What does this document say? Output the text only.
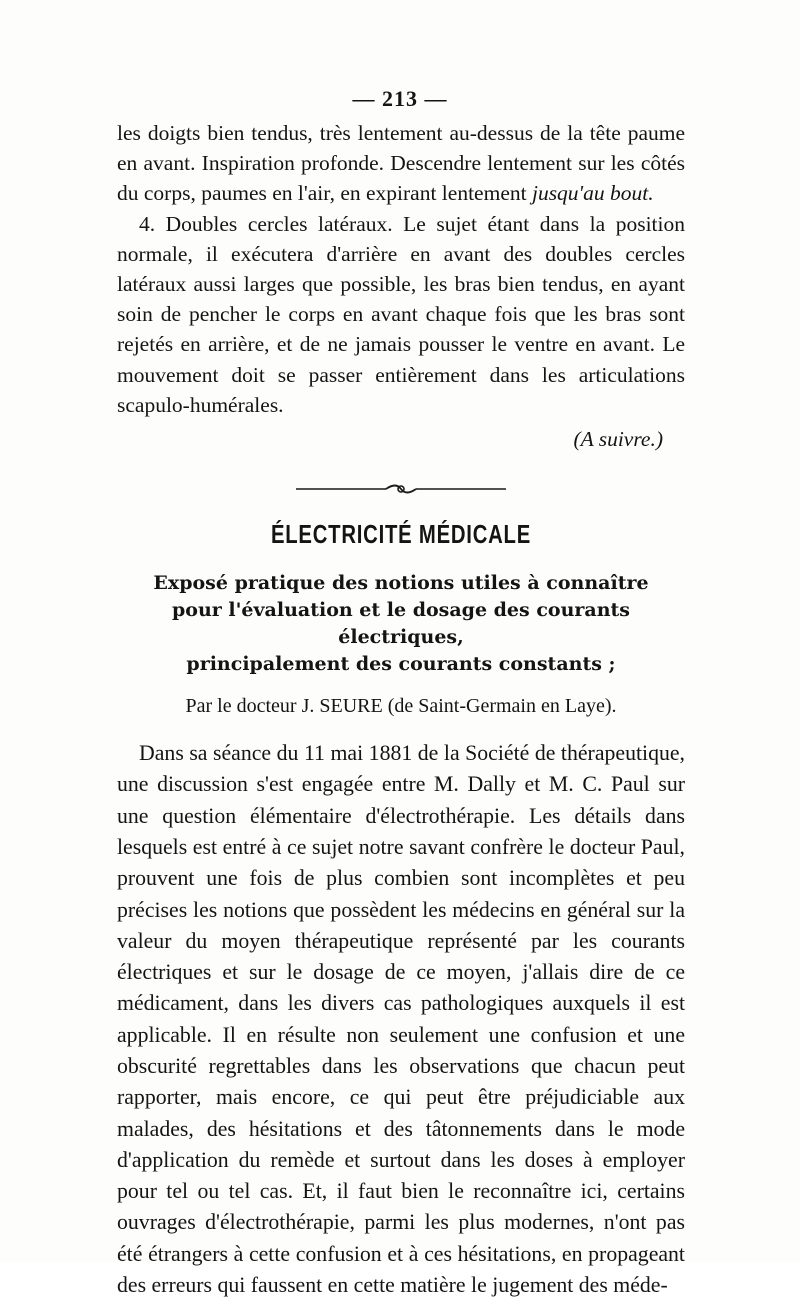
— 213 —

les doigts bien tendus, très lentement au-dessus de la tête paume en avant. Inspiration profonde. Descendre lentement sur les côtés du corps, paumes en l'air, en expirant lentement jusqu'au bout.

4. Doubles cercles latéraux. Le sujet étant dans la position normale, il exécutera d'arrière en avant des doubles cercles latéraux aussi larges que possible, les bras bien tendus, en ayant soin de pencher le corps en avant chaque fois que les bras sont rejetés en arrière, et de ne jamais pousser le ventre en avant. Le mouvement doit se passer entièrement dans les articulations scapulo-humérales.

(A suivre.)
ÉLECTRICITÉ MÉDICALE
Exposé pratique des notions utiles à connaître
pour l'évaluation et le dosage des courants électriques,
principalement des courants constants ;
Par le docteur J. SEURE (de Saint-Germain en Laye).

Dans sa séance du 11 mai 1881 de la Société de thérapeutique, une discussion s'est engagée entre M. Dally et M. C. Paul sur une question élémentaire d'électrothérapie. Les détails dans lesquels est entré à ce sujet notre savant confrère le docteur Paul, prouvent une fois de plus combien sont incomplètes et peu précises les notions que possèdent les médecins en général sur la valeur du moyen thérapeutique représenté par les courants électriques et sur le dosage de ce moyen, j'allais dire de ce médicament, dans les divers cas pathologiques auxquels il est applicable. Il en résulte non seulement une confusion et une obscurité regrettables dans les observations que chacun peut rapporter, mais encore, ce qui peut être préjudiciable aux malades, des hésitations et des tâtonnements dans le mode d'application du remède et surtout dans les doses à employer pour tel ou tel cas. Et, il faut bien le reconnaître ici, certains ouvrages d'électrothérapie, parmi les plus modernes, n'ont pas été étrangers à cette confusion et à ces hésitations, en propageant des erreurs qui faussent en cette matière le jugement des méde-
